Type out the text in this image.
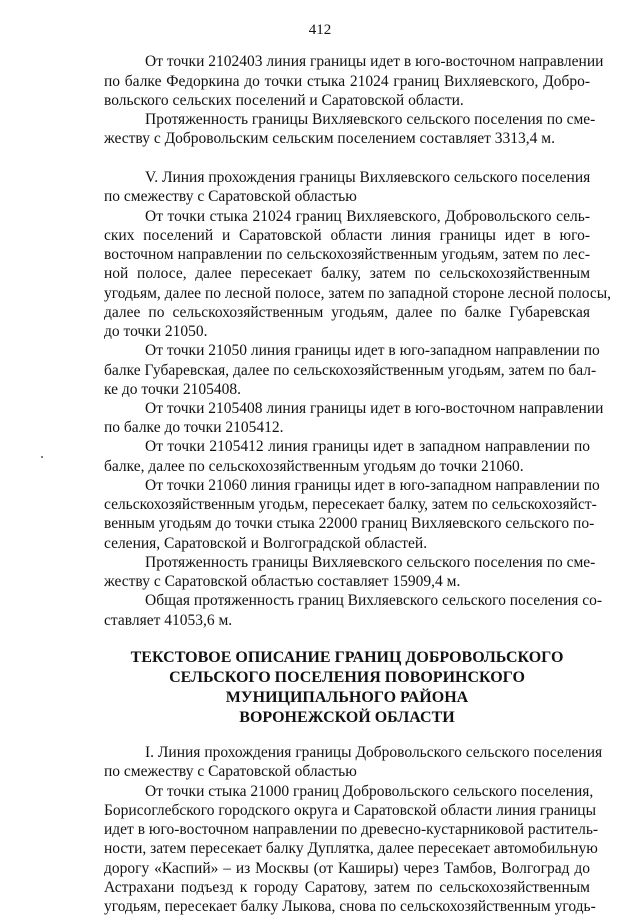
412
От точки 2102403 линия границы идет в юго-восточном направлении
по балке Федоркина до точки стыка 21024 границ Вихляевского, Добро-
вольского сельских поселений и Саратовской области.
Протяженность границы Вихляевского сельского поселения по сме-
жеству с Добровольским сельским поселением составляет 3313,4 м.
V. Линия прохождения границы Вихляевского сельского поселения
по смежеству с Саратовской областью
От точки стыка 21024 границ Вихляевского, Добровольского сель-
ских поселений и Саратовской области линия границы идет в юго-
восточном направлении по сельскохозяйственным угодьям, затем по лес-
ной полосе, далее пересекает балку, затем по сельскохозяйственным
угодьям, далее по лесной полосе, затем по западной стороне лесной полосы,
далее по сельскохозяйственным угодьям, далее по балке Губаревская
до точки 21050.
От точки 21050 линия границы идет в юго-западном направлении по
балке Губаревская, далее по сельскохозяйственным угодьям, затем по бал-
ке до точки 2105408.
От точки 2105408 линия границы идет в юго-восточном направлении
по балке до точки 2105412.
От точки 2105412 линия границы идет в западном направлении по
балке, далее по сельскохозяйственным угодьям до точки 21060.
От точки 21060 линия границы идет в юго-западном направлении по
сельскохозяйственным угодьм, пересекает балку, затем по сельскохозяйст-
венным угодьям до точки стыка 22000 границ Вихляевского сельского по-
селения, Саратовской и Волгоградской областей.
Протяженность границы Вихляевского сельского поселения по сме-
жеству с Саратовской областью составляет 15909,4 м.
Общая протяженность границ Вихляевского сельского поселения со-
ставляет 41053,6 м.
ТЕКСТОВОЕ ОПИСАНИЕ ГРАНИЦ ДОБРОВОЛЬСКОГО
СЕЛЬСКОГО ПОСЕЛЕНИЯ ПОВОРИНСКОГО
МУНИЦИПАЛЬНОГО РАЙОНА
ВОРОНЕЖСКОЙ ОБЛАСТИ
I. Линия прохождения границы Добровольского сельского поселения
по смежеству с Саратовской областью
От точки стыка 21000 границ Добровольского сельского поселения,
Борисоглебского городского округа и Саратовской области линия границы
идет в юго-восточном направлении по древесно-кустарниковой раститель-
ности, затем пересекает балку Дуплятка, далее пересекает автомобильную
дорогу «Каспий» – из Москвы (от Каширы) через Тамбов, Волгоград до
Астрахани подъезд к городу Саратову, затем по сельскохозяйственным
угодьям, пересекает балку Лыкова, снова по сельскохозяйственным угодь-
